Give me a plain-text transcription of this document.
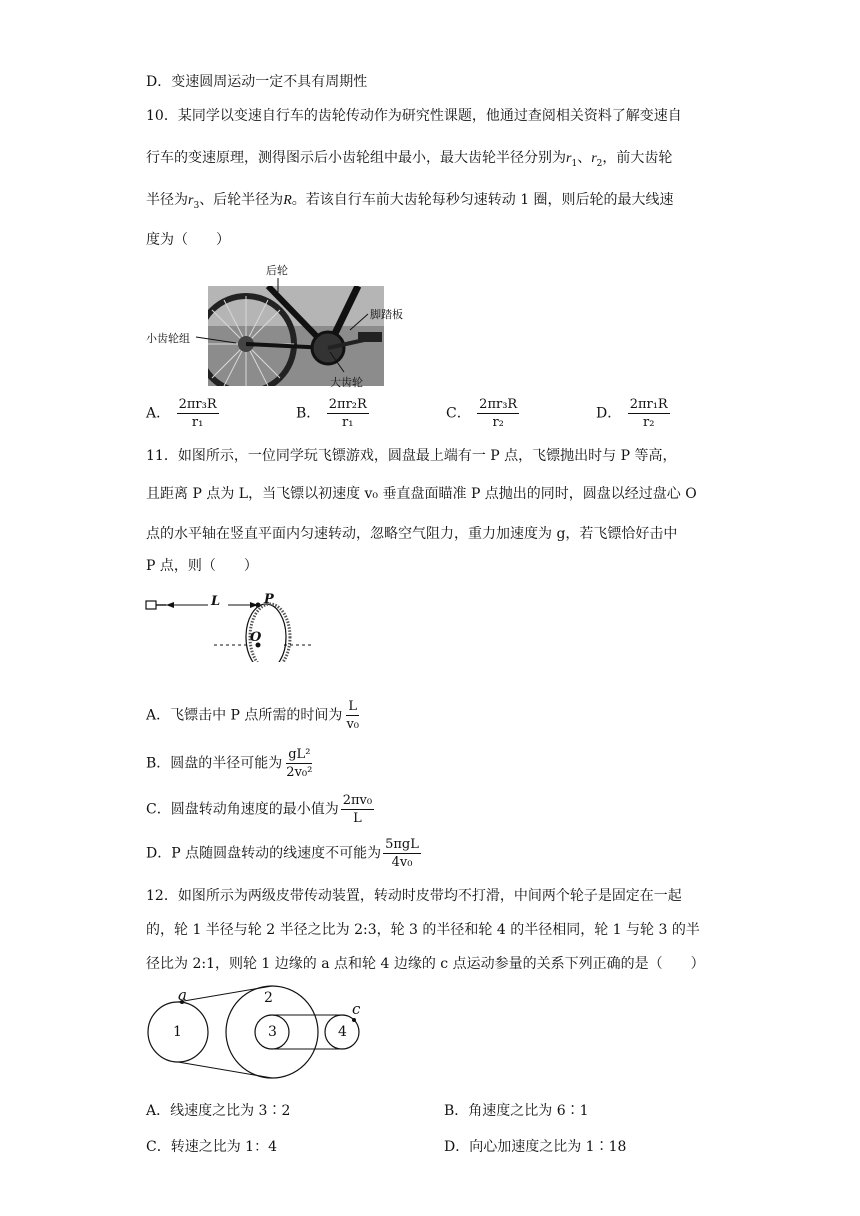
D．变速圆周运动一定不具有周期性
10．某同学以变速自行车的齿轮传动作为研究性课题，他通过查阅相关资料了解变速自
行车的变速原理，测得图示后小齿轮组中最小，最大齿轮半径分别为$r_1$、$r_2$，前大齿轮
半径为$r_3$、后轮半径为R。若该自行车前大齿轮每秒匀速转动 1 圈，则后轮的最大线速
度为（　　）
后轮
脚踏板
小齿轮组
大齿轮
A． $\frac{\text{2πr₃R}}{\text{r₁}}$	B． $\frac{\text{2πr₂R}}{\text{r₁}}$	C． $\frac{\text{2πr₃R}}{\text{r₂}}$	D． $\frac{\text{2πr₁R}}{\text{r₂}}$
11．如图所示，一位同学玩飞镖游戏，圆盘最上端有一 P 点，飞镖抛出时与 P 等高，
且距离 P 点为 L，当飞镖以初速度 v₀ 垂直盘面瞄准 P 点抛出的同时，圆盘以经过盘心 O
点的水平轴在竖直平面内匀速转动，忽略空气阻力，重力加速度为 g，若飞镖恰好击中
P 点，则（　　）
L	P
O
A．飞镖击中 P 点所需的时间为 $\frac{L}{\text{v₀}}$
B．圆盘的半径可能为 $\frac{\text{gL²}}{\text{2v₀²}}$
C．圆盘转动角速度的最小值为 $\frac{\text{2πv₀}}{L}$
D．P 点随圆盘转动的线速度不可能为 $\frac{\text{5πgL}}{\text{4v₀}}$
12．如图所示为两级皮带传动装置，转动时皮带均不打滑，中间两个轮子是固定在一起
的，轮 1 半径与轮 2 半径之比为 2:3，轮 3 的半径和轮 4 的半径相同，轮 1 与轮 3 的半
径比为 2:1，则轮 1 边缘的 a 点和轮 4 边缘的 c 点运动参量的关系下列正确的是（　　）
1
2
3	4
a
c
A．线速度之比为 3∶2	B．角速度之比为 6∶1
C．转速之比为 1：4	D．向心加速度之比为 1∶18
